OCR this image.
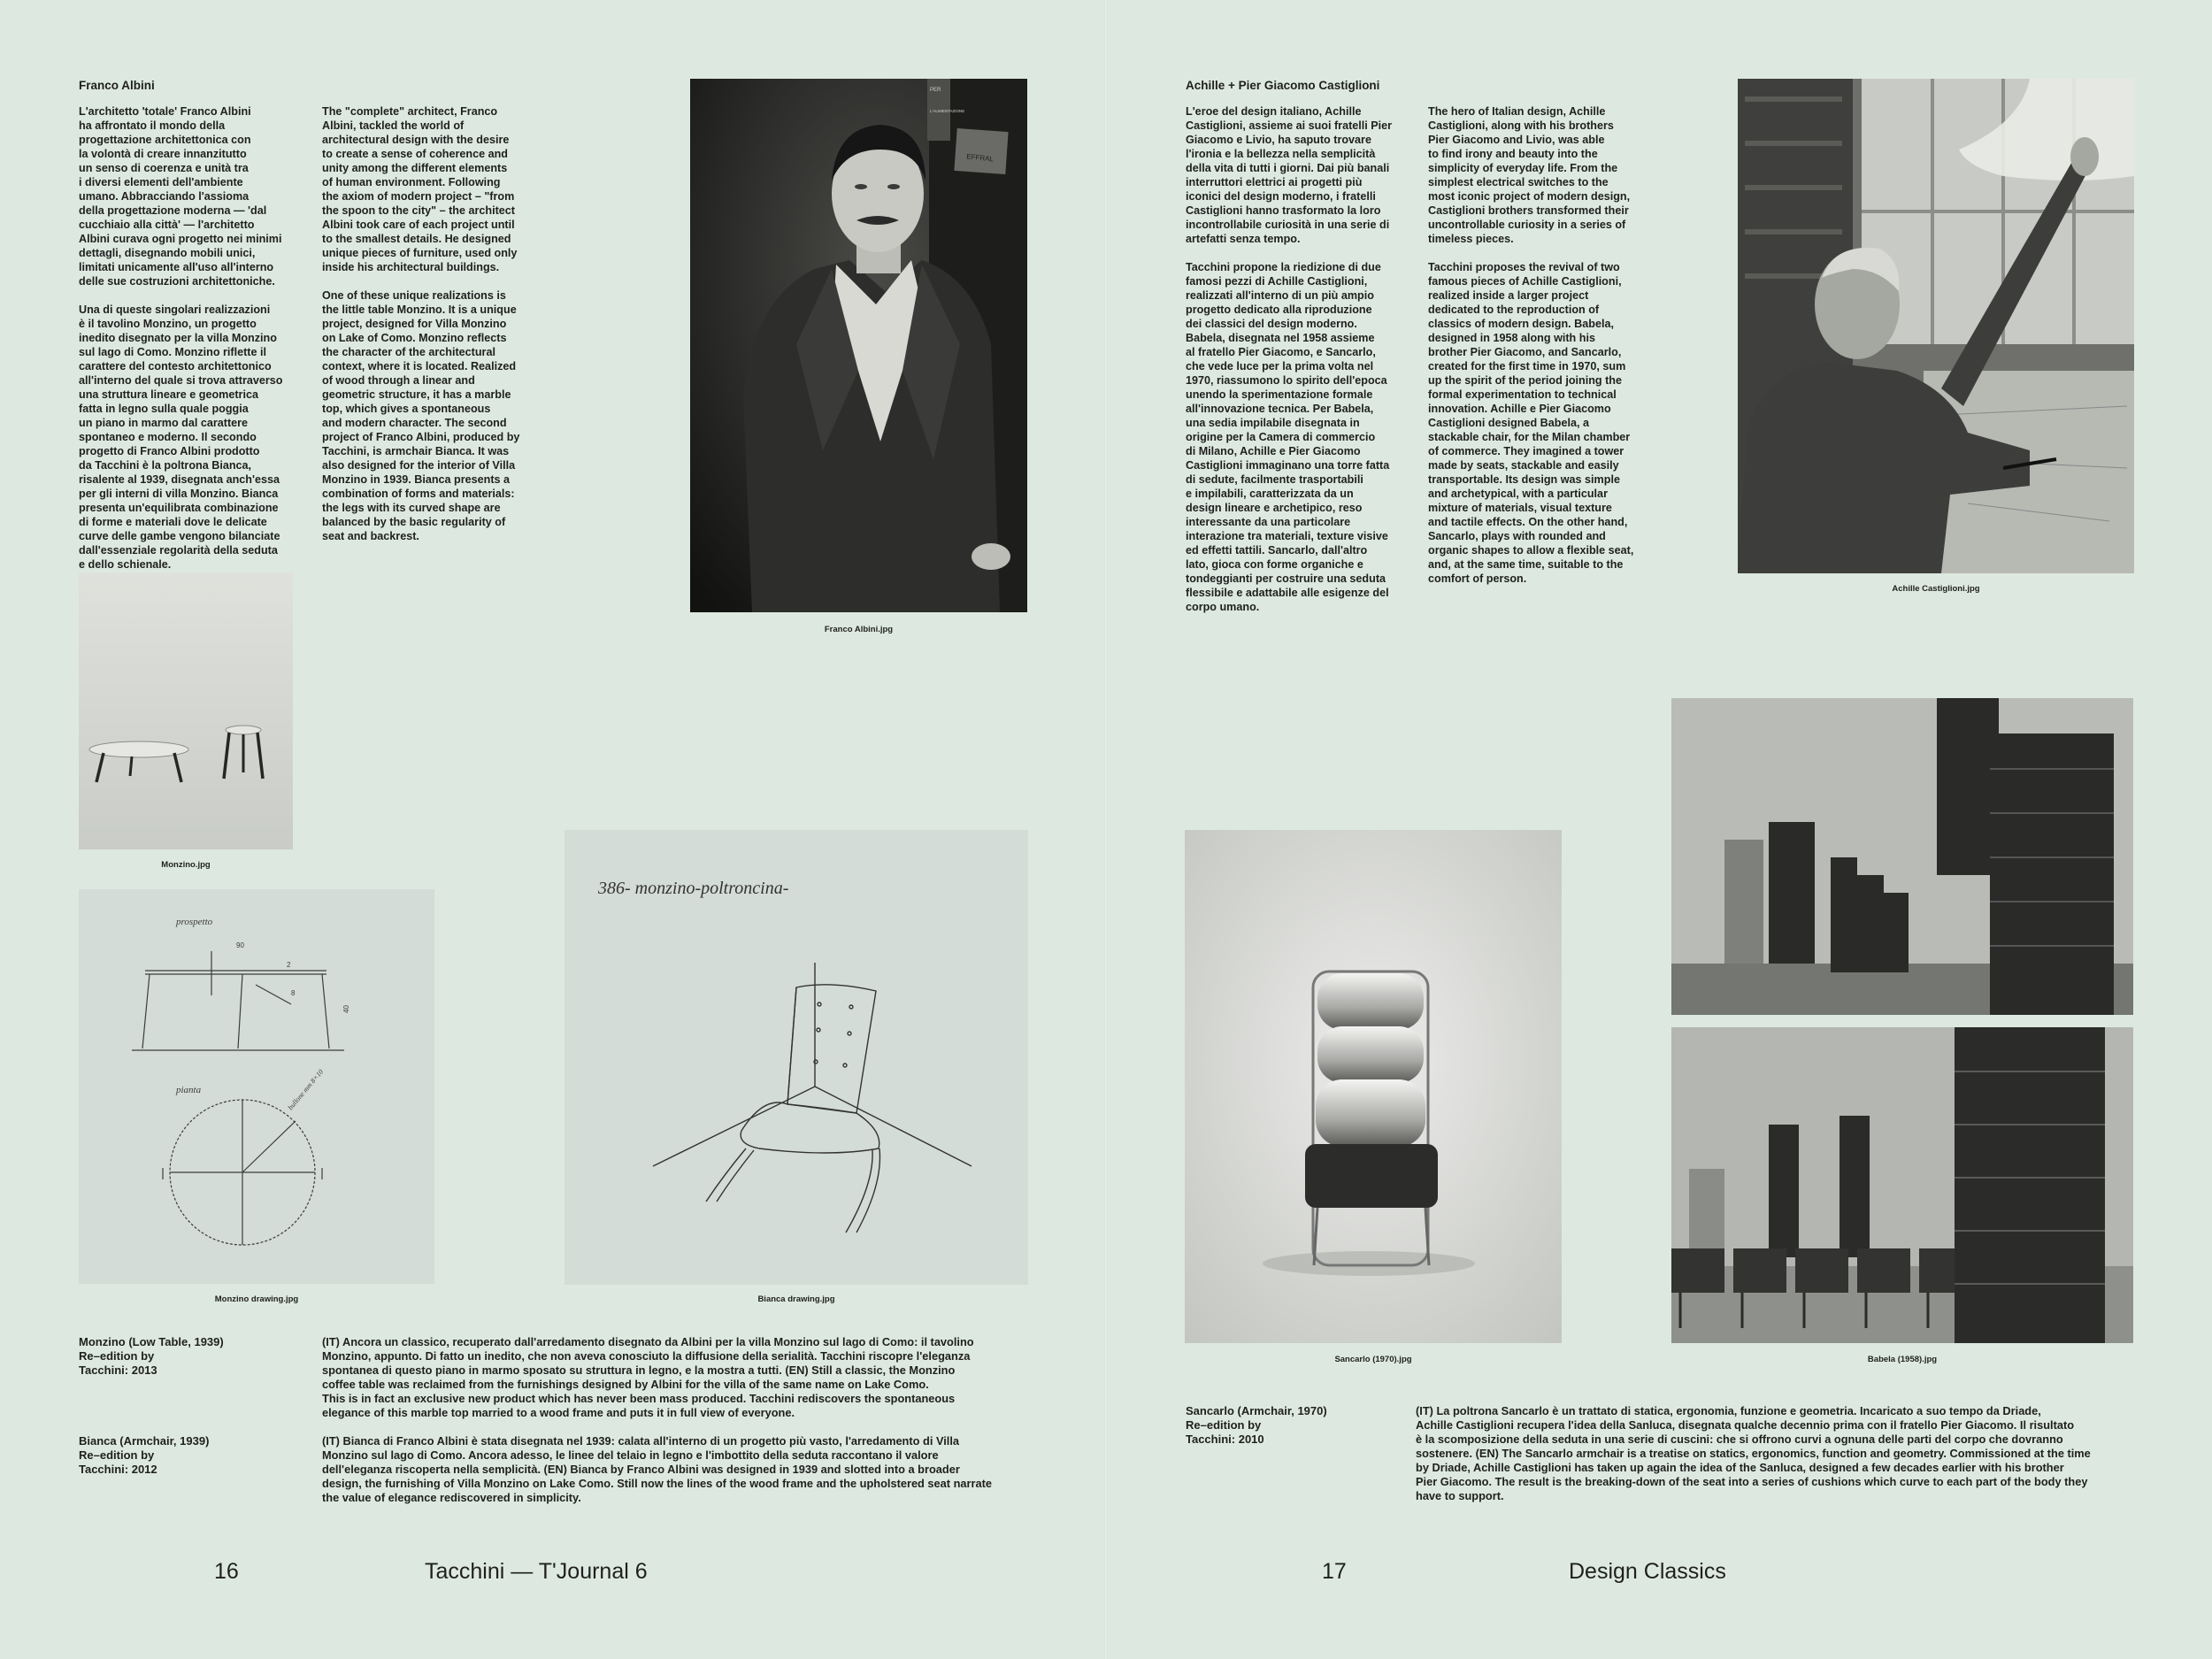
Franco Albini

L'architetto 'totale' Franco Albini
ha affrontato il mondo della
progettazione architettonica con
la volontà di creare innanzitutto
un senso di coerenza e unità tra
i diversi elementi dell'ambiente
umano. Abbracciando l'assioma
della progettazione moderna — 'dal
cucchiaio alla città' — l'architetto
Albini curava ogni progetto nei minimi
dettagli, disegnando mobili unici,
limitati unicamente all'uso all'interno
delle sue costruzioni architettoniche.

Una di queste singolari realizzazioni
è il tavolino Monzino, un progetto
inedito disegnato per la villa Monzino
sul lago di Como. Monzino riflette il
carattere del contesto architettonico
all'interno del quale si trova attraverso
una struttura lineare e geometrica
fatta in legno sulla quale poggia
un piano in marmo dal carattere
spontaneo e moderno. Il secondo
progetto di Franco Albini prodotto
da Tacchini è la poltrona Bianca,
risalente al 1939, disegnata anch'essa
per gli interni di villa Monzino. Bianca
presenta un'equilibrata combinazione
di forme e materiali dove le delicate
curve delle gambe vengono bilanciate
dall'essenziale regolarità della seduta
e dello schienale.

The "complete" architect, Franco
Albini, tackled the world of
architectural design with the desire
to create a sense of coherence and
unity among the different elements
of human environment. Following
the axiom of modern project – "from
the spoon to the city" – the architect
Albini took care of each project until
to the smallest details. He designed
unique pieces of furniture, used only
inside his architectural buildings.

One of these unique realizations is
the little table Monzino. It is a unique
project, designed for Villa Monzino
on Lake of Como. Monzino reflects
the character of the architectural
context, where it is located. Realized
of wood through a linear and
geometric structure, it has a marble
top, which gives a spontaneous
and modern character. The second
project of Franco Albini, produced by
Tacchini, is armchair Bianca. It was
also designed for the interior of Villa
Monzino in 1939. Bianca presents a
combination of forms and materials:
the legs with its curved shape are
balanced by the basic regularity of
seat and backrest.

PER
L'ALIMENTAZIONE
EFFRAL
Franco Albini.jpg
Monzino.jpg
prospetto
90
2
8
40
pianta	bullone mm 8×10
Monzino drawing.jpg
386- monzino-poltroncina-
Bianca drawing.jpg
Monzino (Low Table, 1939)
Re–edition by
Tacchini: 2013

(IT) Ancora un classico, recuperato dall'arredamento disegnato da Albini per la villa Monzino sul lago di Como: il tavolino
Monzino, appunto. Di fatto un inedito, che non aveva conosciuto la diffusione della serialità. Tacchini riscopre l'eleganza
spontanea di questo piano in marmo sposato su struttura in legno, e la mostra a tutti. (EN) Still a classic, the Monzino
coffee table was reclaimed from the furnishings designed by Albini for the villa of the same name on Lake Como.
This is in fact an exclusive new product which has never been mass produced. Tacchini rediscovers the spontaneous
elegance of this marble top married to a wood frame and puts it in full view of everyone.

Bianca (Armchair, 1939)
Re–edition by
Tacchini: 2012

(IT) Bianca di Franco Albini è stata disegnata nel 1939: calata all'interno di un progetto più vasto, l'arredamento di Villa
Monzino sul lago di Como. Ancora adesso, le linee del telaio in legno e l'imbottito della seduta raccontano il valore
dell'eleganza riscoperta nella semplicità. (EN) Bianca by Franco Albini was designed in 1939 and slotted into a broader
design, the furnishing of Villa Monzino on Lake Como. Still now the lines of the wood frame and the upholstered seat narrate
the value of elegance rediscovered in simplicity.

16	Tacchini — T'Journal 6
Achille + Pier Giacomo Castiglioni

L'eroe del design italiano, Achille
Castiglioni, assieme ai suoi fratelli Pier
Giacomo e Livio, ha saputo trovare
l'ironia e la bellezza nella semplicità
della vita di tutti i giorni. Dai più banali
interruttori elettrici ai progetti più
iconici del design moderno, i fratelli
Castiglioni hanno trasformato la loro
incontrollabile curiosità in una serie di
artefatti senza tempo.

Tacchini propone la riedizione di due
famosi pezzi di Achille Castiglioni,
realizzati all'interno di un più ampio
progetto dedicato alla riproduzione
dei classici del design moderno.
Babela, disegnata nel 1958 assieme
al fratello Pier Giacomo, e Sancarlo,
che vede luce per la prima volta nel
1970, riassumono lo spirito dell'epoca
unendo la sperimentazione formale
all'innovazione tecnica. Per Babela,
una sedia impilabile disegnata in
origine per la Camera di commercio
di Milano, Achille e Pier Giacomo
Castiglioni immaginano una torre fatta
di sedute, facilmente trasportabili
e impilabili, caratterizzata da un
design lineare e archetipico, reso
interessante da una particolare
interazione tra materiali, texture visive
ed effetti tattili. Sancarlo, dall'altro
lato, gioca con forme organiche e
tondeggianti per costruire una seduta
flessibile e adattabile alle esigenze del
corpo umano.

The hero of Italian design, Achille
Castiglioni, along with his brothers
Pier Giacomo and Livio, was able
to find irony and beauty into the
simplicity of everyday life. From the
simplest electrical switches to the
most iconic project of modern design,
Castiglioni brothers transformed their
uncontrollable curiosity in a series of
timeless pieces.

Tacchini proposes the revival of two
famous pieces of Achille Castiglioni,
realized inside a larger project
dedicated to the reproduction of
classics of modern design. Babela,
designed in 1958 along with his
brother Pier Giacomo, and Sancarlo,
created for the first time in 1970, sum
up the spirit of the period joining the
formal experimentation to technical
innovation. Achille e Pier Giacomo
Castiglioni designed Babela, a
stackable chair, for the Milan chamber
of commerce. They imagined a tower
made by seats, stackable and easily
transportable. Its design was simple
and archetypical, with a particular
mixture of materials, visual texture
and tactile effects. On the other hand,
Sancarlo, plays with rounded and
organic shapes to allow a flexible seat,
and, at the same time, suitable to the
comfort of person.

Achille Castiglioni.jpg
Sancarlo (1970).jpg	Babela (1958).jpg
Sancarlo (Armchair, 1970)
Re–edition by
Tacchini: 2010

(IT) La poltrona Sancarlo è un trattato di statica, ergonomia, funzione e geometria. Incaricato a suo tempo da Driade,
Achille Castiglioni recupera l'idea della Sanluca, disegnata qualche decennio prima con il fratello Pier Giacomo. Il risultato
è la scomposizione della seduta in una serie di cuscini: che si offrono curvi a ognuna delle parti del corpo che dovranno
sostenere. (EN) The Sancarlo armchair is a treatise on statics, ergonomics, function and geometry. Commissioned at the time
by Driade, Achille Castiglioni has taken up again the idea of the Sanluca, designed a few decades earlier with his brother
Pier Giacomo. The result is the breaking-down of the seat into a series of cushions which curve to each part of the body they
have to support.

17	Design Classics
